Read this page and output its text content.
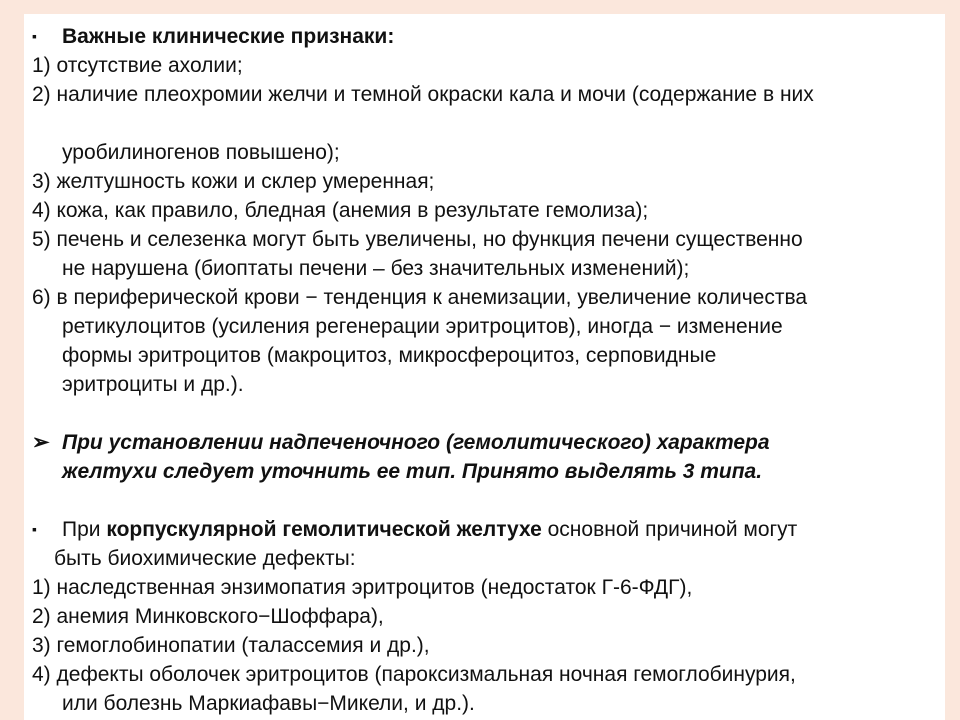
▪ Важные клинические признаки:
1) отсутствие ахолии;
2) наличие плеохромии желчи и темной окраски кала и мочи (содержание в них
уробилиногенов повышено);
3) желтушность кожи и склер умеренная;
4) кожа, как правило, бледная (анемия в результате гемолиза);
5) печень и селезенка могут быть увеличены, но функция печени существенно
не нарушена (биоптаты печени – без значительных изменений);
6) в периферической крови − тенденция к анемизации, увеличение количества
ретикулоцитов (усиления регенерации эритроцитов), иногда − изменение
формы эритроцитов (макроцитоз, микросфероцитоз, серповидные
эритроциты и др.).
➢ При установлении надпеченочного (гемолитического) характера
желтухи следует уточнить ее тип. Принято выделять 3 типа.
▪ При корпускулярной гемолитической желтухе основной причиной могут
быть биохимические дефекты:
1) наследственная энзимопатия эритроцитов (недостаток Г-6-ФДГ),
2) анемия Минковского−Шоффара),
3) гемоглобинопатии (талассемия и др.),
4) дефекты оболочек эритроцитов (пароксизмальная ночная гемоглобинурия,
или болезнь Маркиафавы−Микели, и др.).
